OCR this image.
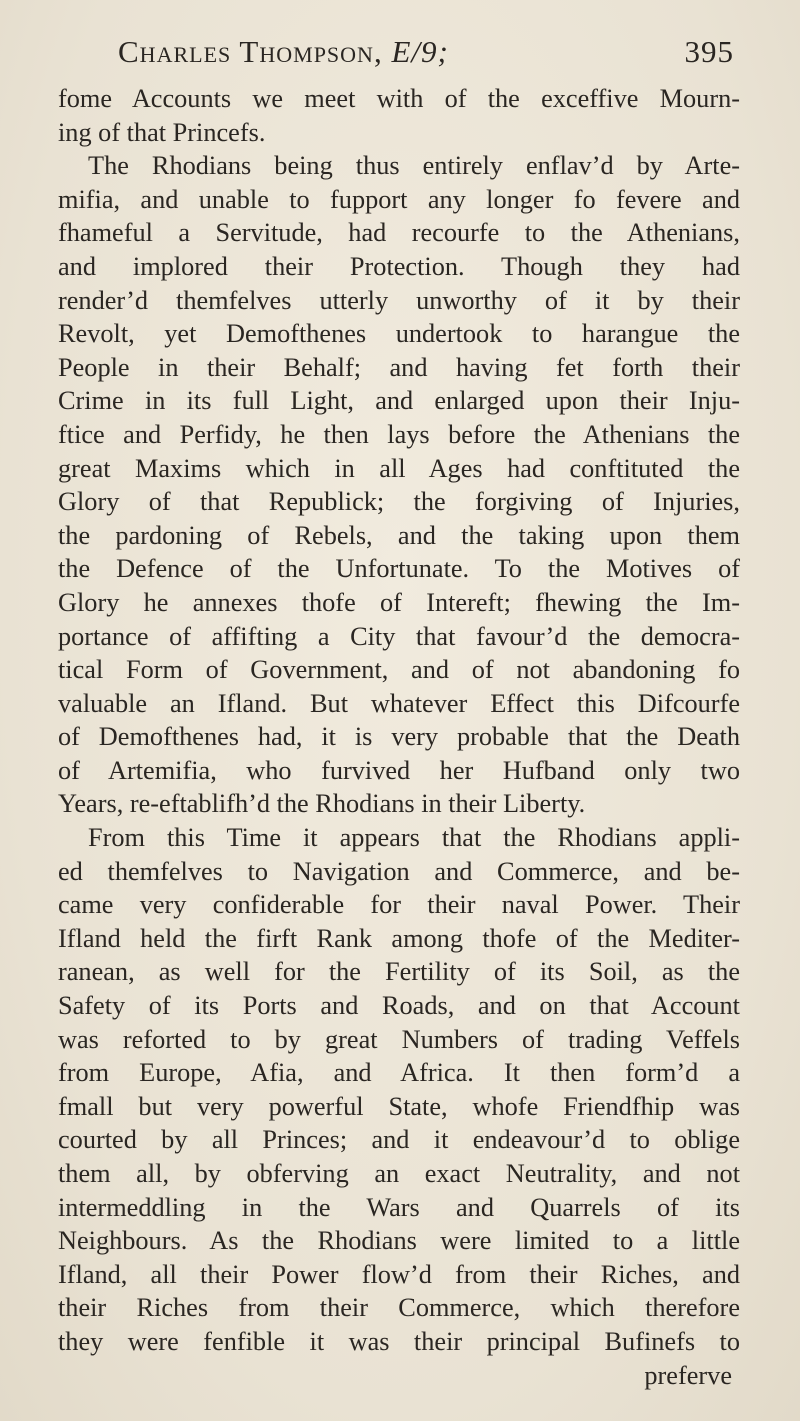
Charles Thompson, E/9;	395
fome Accounts we meet with of the exceffive Mourn-
ing of that Princefs.
The Rhodians being thus entirely enflav’d by Arte-
mifia, and unable to fupport any longer fo fevere and
fhameful a Servitude, had recourfe to the Athenians,
and implored their Protection. Though they had
render’d themfelves utterly unworthy of it by their
Revolt, yet Demofthenes undertook to harangue the
People in their Behalf; and having fet forth their
Crime in its full Light, and enlarged upon their Inju-
ftice and Perfidy, he then lays before the Athenians the
great Maxims which in all Ages had conftituted the
Glory of that Republick; the forgiving of Injuries,
the pardoning of Rebels, and the taking upon them
the Defence of the Unfortunate. To the Motives of
Glory he annexes thofe of Intereft; fhewing the Im-
portance of affifting a City that favour’d the democra-
tical Form of Government, and of not abandoning fo
valuable an Ifland. But whatever Effect this Difcourfe
of Demofthenes had, it is very probable that the Death
of Artemifia, who furvived her Hufband only two
Years, re-eftablifh’d the Rhodians in their Liberty.
From this Time it appears that the Rhodians appli-
ed themfelves to Navigation and Commerce, and be-
came very confiderable for their naval Power. Their
Ifland held the firft Rank among thofe of the Mediter-
ranean, as well for the Fertility of its Soil, as the
Safety of its Ports and Roads, and on that Account
was reforted to by great Numbers of trading Veffels
from Europe, Afia, and Africa. It then form’d a
fmall but very powerful State, whofe Friendfhip was
courted by all Princes; and it endeavour’d to oblige
them all, by obferving an exact Neutrality, and not
intermeddling in the Wars and Quarrels of its
Neighbours. As the Rhodians were limited to a little
Ifland, all their Power flow’d from their Riches, and
their Riches from their Commerce, which therefore
they were fenfible it was their principal Bufinefs to
preferve
